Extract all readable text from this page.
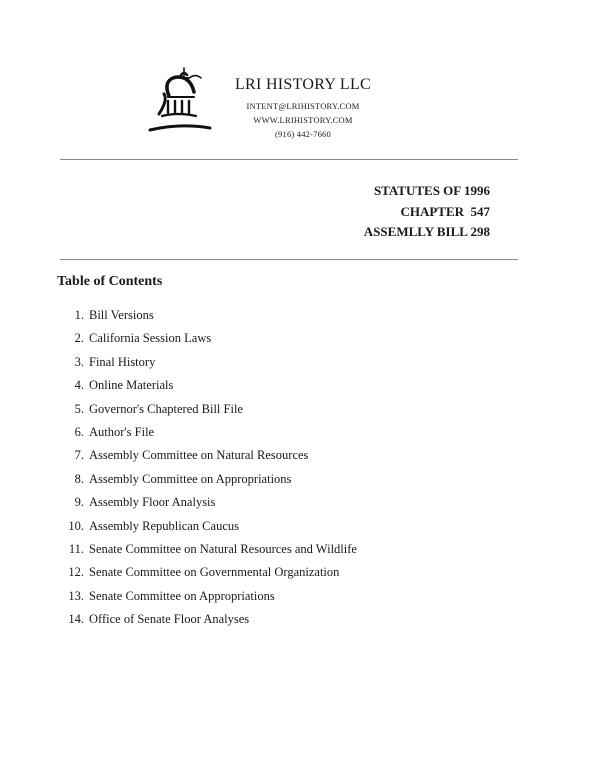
LRI HISTORY LLC
INTENT@LRIHISTORY.COM
WWW.LRIHISTORY.COM
(916) 442-7660
STATUTES OF 1996
CHAPTER  547
ASSEMLLY BILL 298
Table of Contents
1. Bill Versions
2. California Session Laws
3. Final History
4. Online Materials
5. Governor's Chaptered Bill File
6. Author's File
7. Assembly Committee on Natural Resources
8. Assembly Committee on Appropriations
9. Assembly Floor Analysis
10. Assembly Republican Caucus
11. Senate Committee on Natural Resources and Wildlife
12. Senate Committee on Governmental Organization
13. Senate Committee on Appropriations
14. Office of Senate Floor Analyses
